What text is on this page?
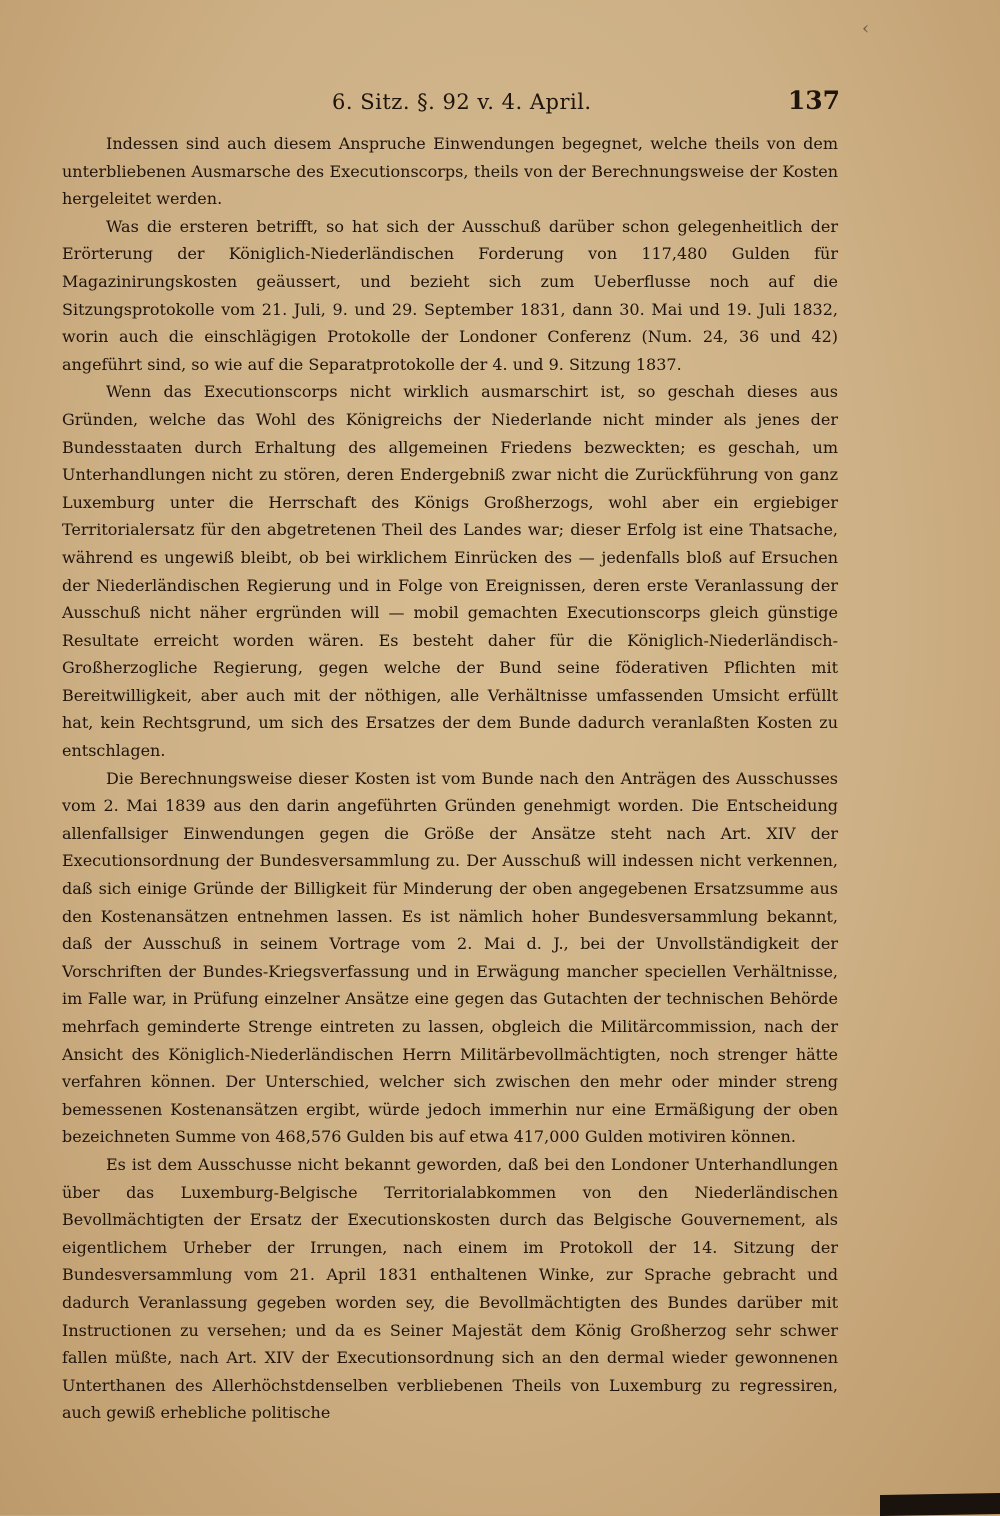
‹
6. Sitz. §. 92 v. 4. April.	137

Indessen sind auch diesem Anspruche Einwendungen begegnet, welche theils von dem unterbliebenen Ausmarsche des Executionscorps, theils von der Berechnungsweise der Kosten hergeleitet werden.

Was die ersteren betrifft, so hat sich der Ausschuß darüber schon gelegenheitlich der Erörterung der Königlich-Niederländischen Forderung von 117,480 Gulden für Magazinirungskosten geäussert, und bezieht sich zum Ueberflusse noch auf die Sitzungsprotokolle vom 21. Juli, 9. und 29. September 1831, dann 30. Mai und 19. Juli 1832, worin auch die einschlägigen Protokolle der Londoner Conferenz (Num. 24, 36 und 42) angeführt sind, so wie auf die Separatprotokolle der 4. und 9. Sitzung 1837.

Wenn das Executionscorps nicht wirklich ausmarschirt ist, so geschah dieses aus Gründen, welche das Wohl des Königreichs der Niederlande nicht minder als jenes der Bundesstaaten durch Erhaltung des allgemeinen Friedens bezweckten; es geschah, um Unterhandlungen nicht zu stören, deren Endergebniß zwar nicht die Zurückführung von ganz Luxemburg unter die Herrschaft des Königs Großherzogs, wohl aber ein ergiebiger Territorialersatz für den abgetretenen Theil des Landes war; dieser Erfolg ist eine Thatsache, während es ungewiß bleibt, ob bei wirklichem Einrücken des — jedenfalls bloß auf Ersuchen der Niederländischen Regierung und in Folge von Ereignissen, deren erste Veranlassung der Ausschuß nicht näher ergründen will — mobil gemachten Executionscorps gleich günstige Resultate erreicht worden wären. Es besteht daher für die Königlich-Niederländisch-Großherzogliche Regierung, gegen welche der Bund seine föderativen Pflichten mit Bereitwilligkeit, aber auch mit der nöthigen, alle Verhältnisse umfassenden Umsicht erfüllt hat, kein Rechtsgrund, um sich des Ersatzes der dem Bunde dadurch veranlaßten Kosten zu entschlagen.

Die Berechnungsweise dieser Kosten ist vom Bunde nach den Anträgen des Ausschusses vom 2. Mai 1839 aus den darin angeführten Gründen genehmigt worden. Die Entscheidung allenfallsiger Einwendungen gegen die Größe der Ansätze steht nach Art. XIV der Executionsordnung der Bundesversammlung zu. Der Ausschuß will indessen nicht verkennen, daß sich einige Gründe der Billigkeit für Minderung der oben angegebenen Ersatzsumme aus den Kostenansätzen entnehmen lassen. Es ist nämlich hoher Bundesversammlung bekannt, daß der Ausschuß in seinem Vortrage vom 2. Mai d. J., bei der Unvollständigkeit der Vorschriften der Bundes-Kriegsverfassung und in Erwägung mancher speciellen Verhältnisse, im Falle war, in Prüfung einzelner Ansätze eine gegen das Gutachten der technischen Behörde mehrfach geminderte Strenge eintreten zu lassen, obgleich die Militärcommission, nach der Ansicht des Königlich-Niederländischen Herrn Militärbevollmächtigten, noch strenger hätte verfahren können. Der Unterschied, welcher sich zwischen den mehr oder minder streng bemessenen Kostenansätzen ergibt, würde jedoch immerhin nur eine Ermäßigung der oben bezeichneten Summe von 468,576 Gulden bis auf etwa 417,000 Gulden motiviren können.

Es ist dem Ausschusse nicht bekannt geworden, daß bei den Londoner Unterhandlungen über das Luxemburg-Belgische Territorialabkommen von den Niederländischen Bevollmächtigten der Ersatz der Executionskosten durch das Belgische Gouvernement, als eigentlichem Urheber der Irrungen, nach einem im Protokoll der 14. Sitzung der Bundesversammlung vom 21. April 1831 enthaltenen Winke, zur Sprache gebracht und dadurch Veranlassung gegeben worden sey, die Bevollmächtigten des Bundes darüber mit Instructionen zu versehen; und da es Seiner Majestät dem König Großherzog sehr schwer fallen müßte, nach Art. XIV der Executionsordnung sich an den dermal wieder gewonnenen Unterthanen des Allerhöchstdenselben verbliebenen Theils von Luxemburg zu regressiren, auch gewiß erhebliche politische
